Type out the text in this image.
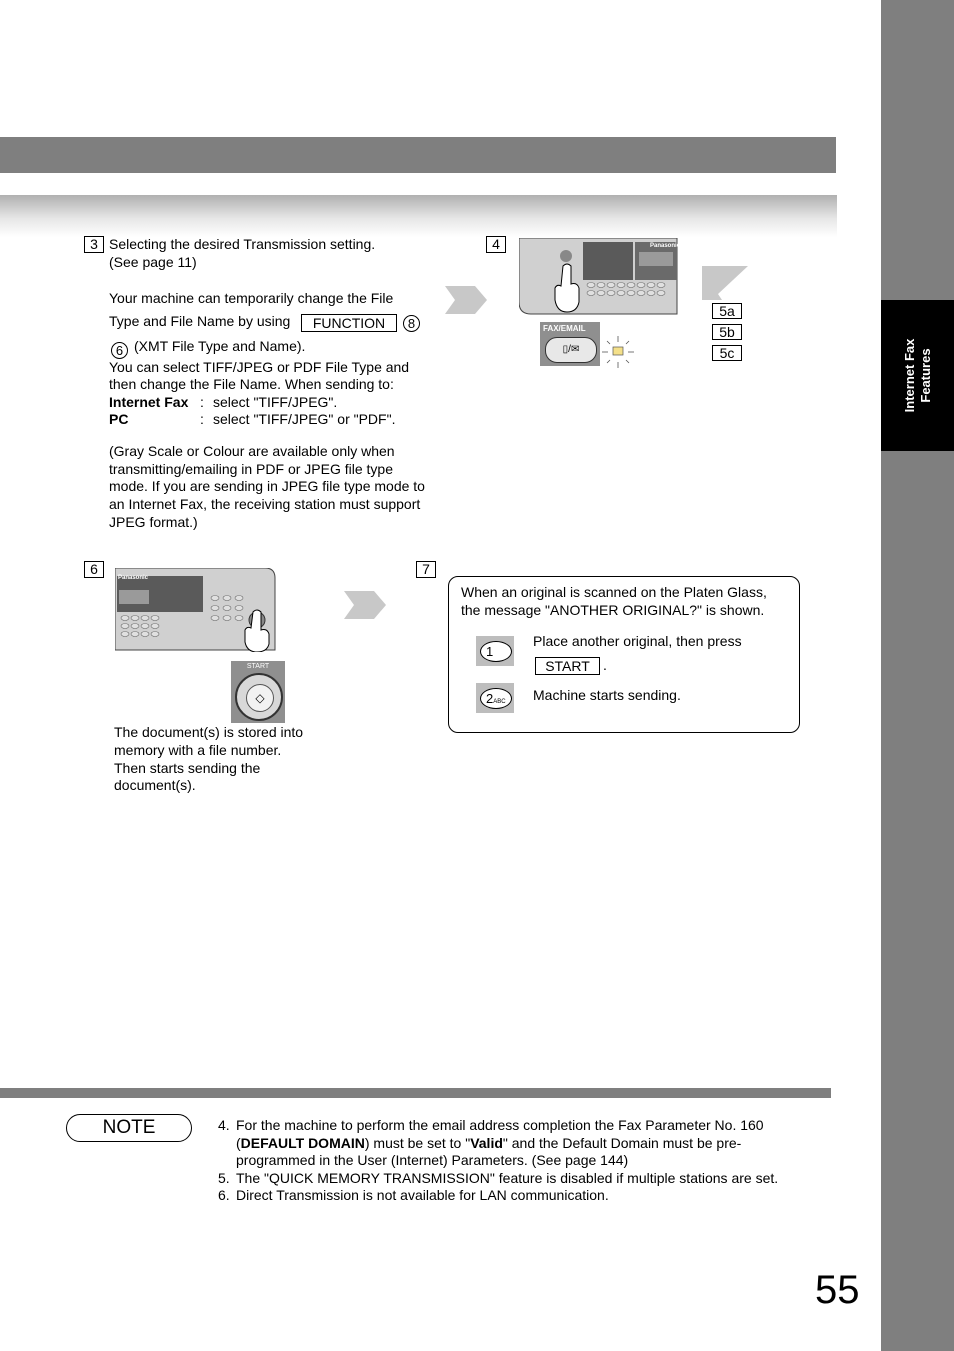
Internet Fax Features
3 Selecting the desired Transmission setting.
(See page 11)
Your machine can temporarily change the File
Type and File Name by using	FUNCTION	8
6 (XMT File Type and Name).
You can select TIFF/JPEG or PDF File Type and
then change the File Name. When sending to:
Internet Fax : select "TIFF/JPEG".
PC	: select "TIFF/JPEG" or "PDF".
(Gray Scale or Colour are available only when
transmitting/emailing in PDF or JPEG file type
mode. If you are sending in JPEG file type mode to
an Internet Fax, the receiving station must support
JPEG format.)
4	Panasonic
FAX/EMAIL
▯/✉
5a
5b
5c
6
Panasonic
START
◇
The document(s) is stored into
memory with a file number.
Then starts sending the
document(s).
7
When an original is scanned on the Platen Glass,
the message "ANOTHER ORIGINAL?" is shown.
1
Place another original, then press
START .
2ABC	Machine starts sending.
NOTE	4. For the machine to perform the email address completion the Fax Parameter No. 160
(DEFAULT DOMAIN) must be set to "Valid" and the Default Domain must be pre-
programmed in the User (Internet) Parameters. (See page 144)
5. The "QUICK MEMORY TRANSMISSION" feature is disabled if multiple stations are set.
6. Direct Transmission is not available for LAN communication.
55
